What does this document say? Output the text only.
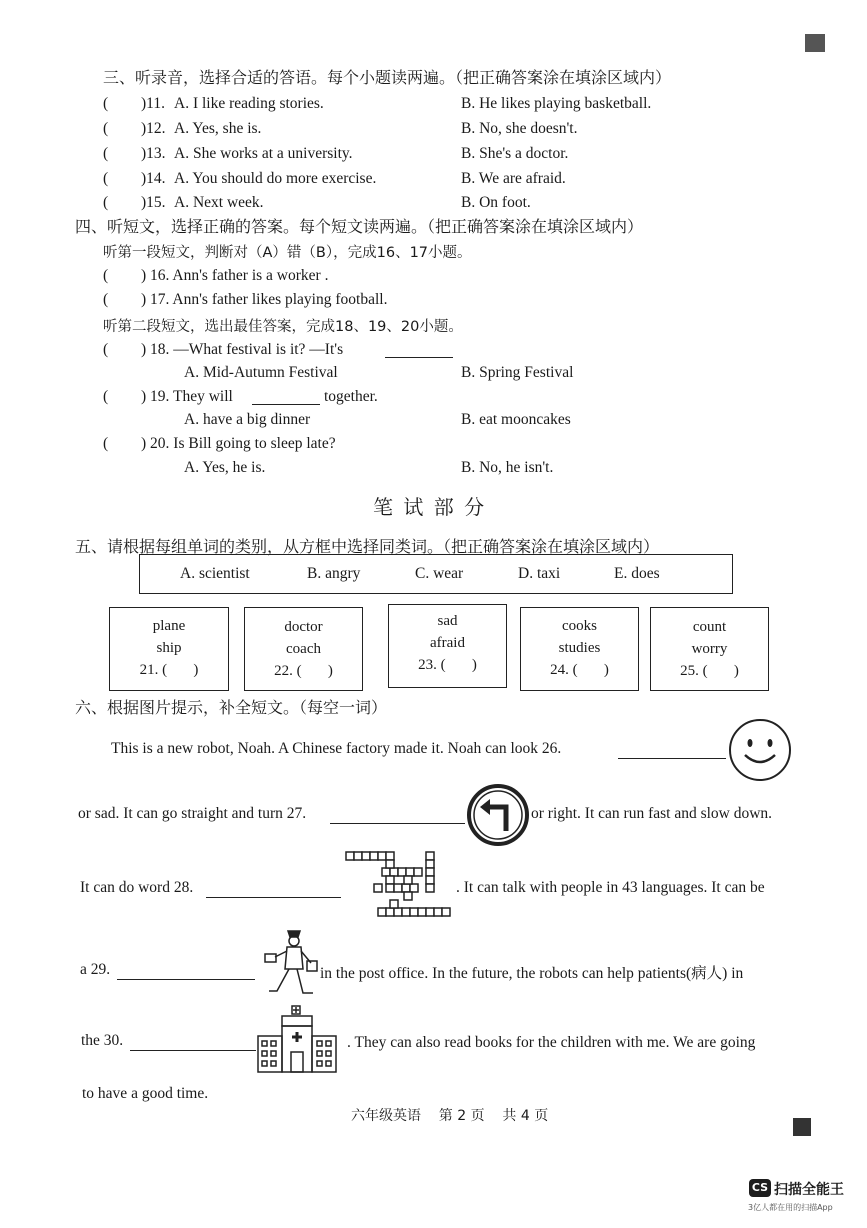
三、听录音，选择合适的答语。每个小题读两遍。（把正确答案涂在填涂区域内）
( )11. A. I like reading stories.	B. He likes playing basketball.
( )12. A. Yes, she is.	B. No, she doesn't.
( )13. A. She works at a university.	B. She's a doctor.
( )14. A. You should do more exercise.	B. We are afraid.
( )15. A. Next week.	B. On foot.
四、听短文，选择正确的答案。每个短文读两遍。（把正确答案涂在填涂区域内）
听第一段短文，判断对（A）错（B），完成16、17小题。
( ) 16. Ann's father is a worker .
( ) 17. Ann's father likes playing football.
听第二段短文，选出最佳答案，完成18、19、20小题。
( ) 18. —What festival is it? —It's
A. Mid-Autumn Festival	B. Spring Festival
( ) 19. They will	together.
A. have a big dinner	B. eat mooncakes
( ) 20. Is Bill going to sleep late?
A. Yes, he is.	B. No, he isn't.
笔 试 部 分
五、请根据每组单词的类别，从方框中选择同类词。（把正确答案涂在填涂区域内）
A. scientist	B. angry	C. wear	D. taxi	E. does
plane
ship
21. (       )
doctor
coach
22. (       )
sad
afraid
23. (       )
cooks
studies
24. (       )
count
worry
25. (       )
六、根据图片提示，补全短文。（每空一词）
This is a new robot, Noah. A Chinese factory made it. Noah can look 26.
or sad. It can go straight and turn 27.	or right. It can run fast and slow down.
It can do word 28.	. It can talk with people in 43 languages. It can be
a 29.	in the post office. In the future, the robots can help patients(病人) in
the 30.	. They can also read books for the children with me. We are going
to have a good time.
六年级英语    第 2 页    共 4 页
CS 扫描全能王
3亿人都在用的扫描App
